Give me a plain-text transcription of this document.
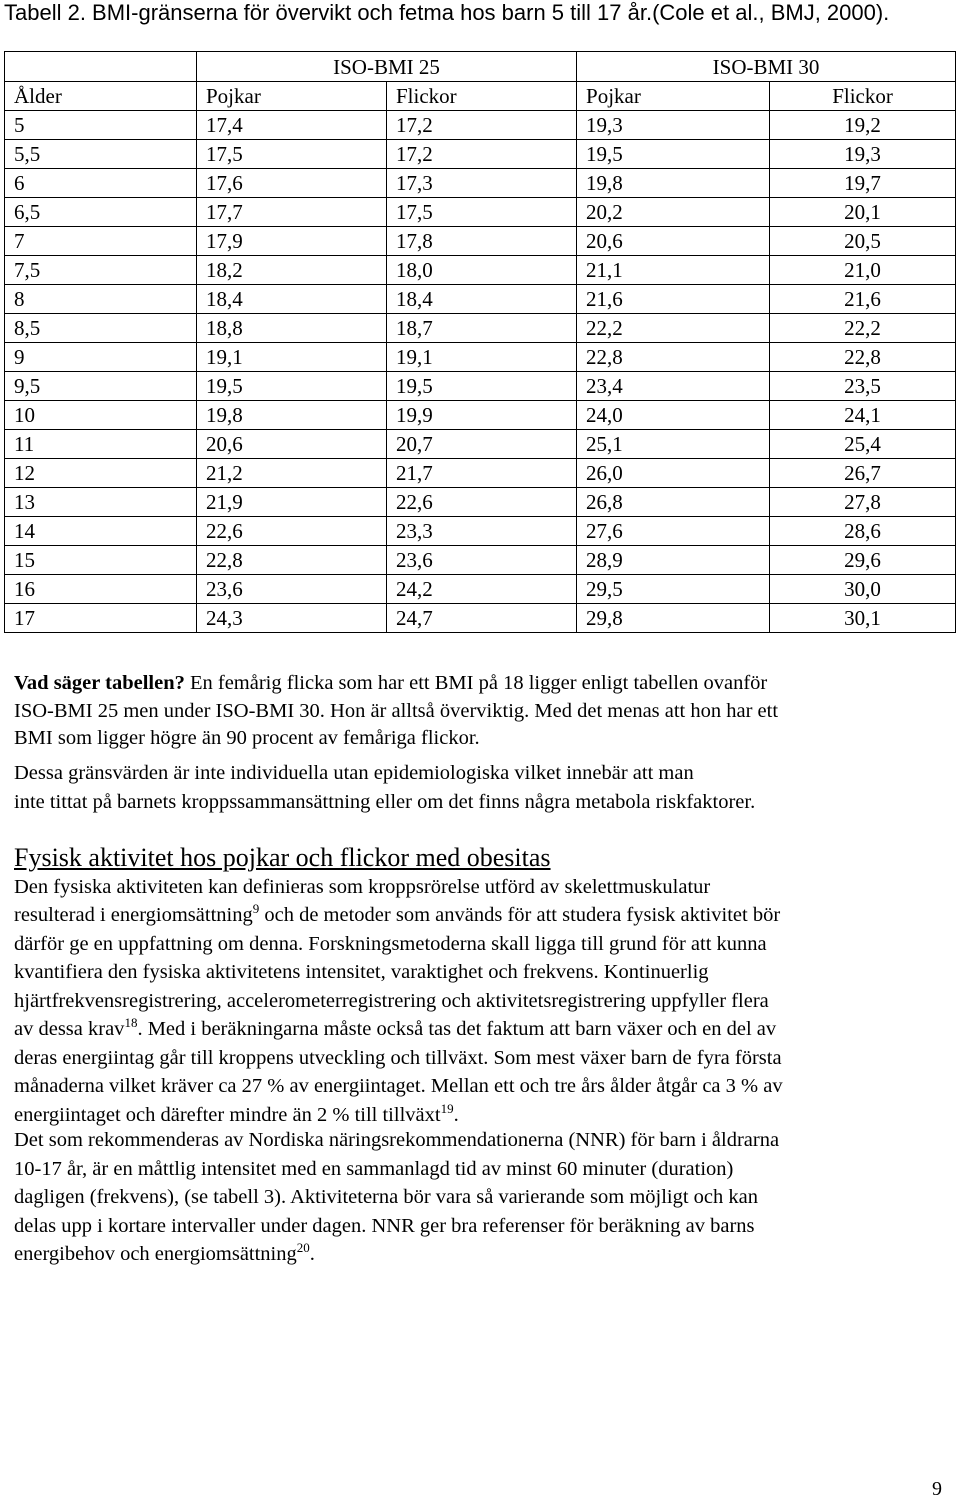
Tabell 2. BMI-gränserna för övervikt och fetma hos barn 5 till 17 år.(Cole et al., BMJ, 2000).
	ISO-BMI 25		ISO-BMI 30	
Ålder	Pojkar	Flickor	Pojkar	Flickor
5	17,4	17,2	19,3	19,2
5,5	17,5	17,2	19,5	19,3
6	17,6	17,3	19,8	19,7
6,5	17,7	17,5	20,2	20,1
7	17,9	17,8	20,6	20,5
7,5	18,2	18,0	21,1	21,0
8	18,4	18,4	21,6	21,6
8,5	18,8	18,7	22,2	22,2
9	19,1	19,1	22,8	22,8
9,5	19,5	19,5	23,4	23,5
10	19,8	19,9	24,0	24,1
11	20,6	20,7	25,1	25,4
12	21,2	21,7	26,0	26,7
13	21,9	22,6	26,8	27,8
14	22,6	23,3	27,6	28,6
15	22,8	23,6	28,9	29,6
16	23,6	24,2	29,5	30,0
17	24,3	24,7	29,8	30,1
Vad säger tabellen? En femårig flicka som har ett BMI på 18 ligger enligt tabellen ovanför
ISO-BMI 25 men under ISO-BMI 30. Hon är alltså överviktig. Med det menas att hon har ett
BMI som ligger högre än 90 procent av femåriga flickor.
Dessa gränsvärden är inte individuella utan epidemiologiska vilket innebär att man
inte tittat på barnets kroppssammansättning eller om det finns några metabola riskfaktorer.
Fysisk aktivitet hos pojkar och flickor med obesitas
Den fysiska aktiviteten kan definieras som kroppsrörelse utförd av skelettmuskulatur
resulterad i energiomsättning$^9$ och de metoder som används för att studera fysisk aktivitet bör
därför ge en uppfattning om denna. Forskningsmetoderna skall ligga till grund för att kunna
kvantifiera den fysiska aktivitetens intensitet, varaktighet och frekvens. Kontinuerlig
hjärtfrekvensregistrering, accelerometerregistrering och aktivitetsregistrering uppfyller flera
av dessa krav$^{18}$. Med i beräkningarna måste också tas det faktum att barn växer och en del av
deras energiintag går till kroppens utveckling och tillväxt. Som mest växer barn de fyra första
månaderna vilket kräver ca 27 % av energiintaget. Mellan ett och tre års ålder åtgår ca 3 % av
energiintaget och därefter mindre än 2 % till tillväxt$^{19}$.
Det som rekommenderas av Nordiska näringsrekommendationerna (NNR) för barn i åldrarna
10-17 år, är en måttlig intensitet med en sammanlagd tid av minst 60 minuter (duration)
dagligen (frekvens), (se tabell 3). Aktiviteterna bör vara så varierande som möjligt och kan
delas upp i kortare intervaller under dagen. NNR ger bra referenser för beräkning av barns
energibehov och energiomsättning$^{20}$.
9
